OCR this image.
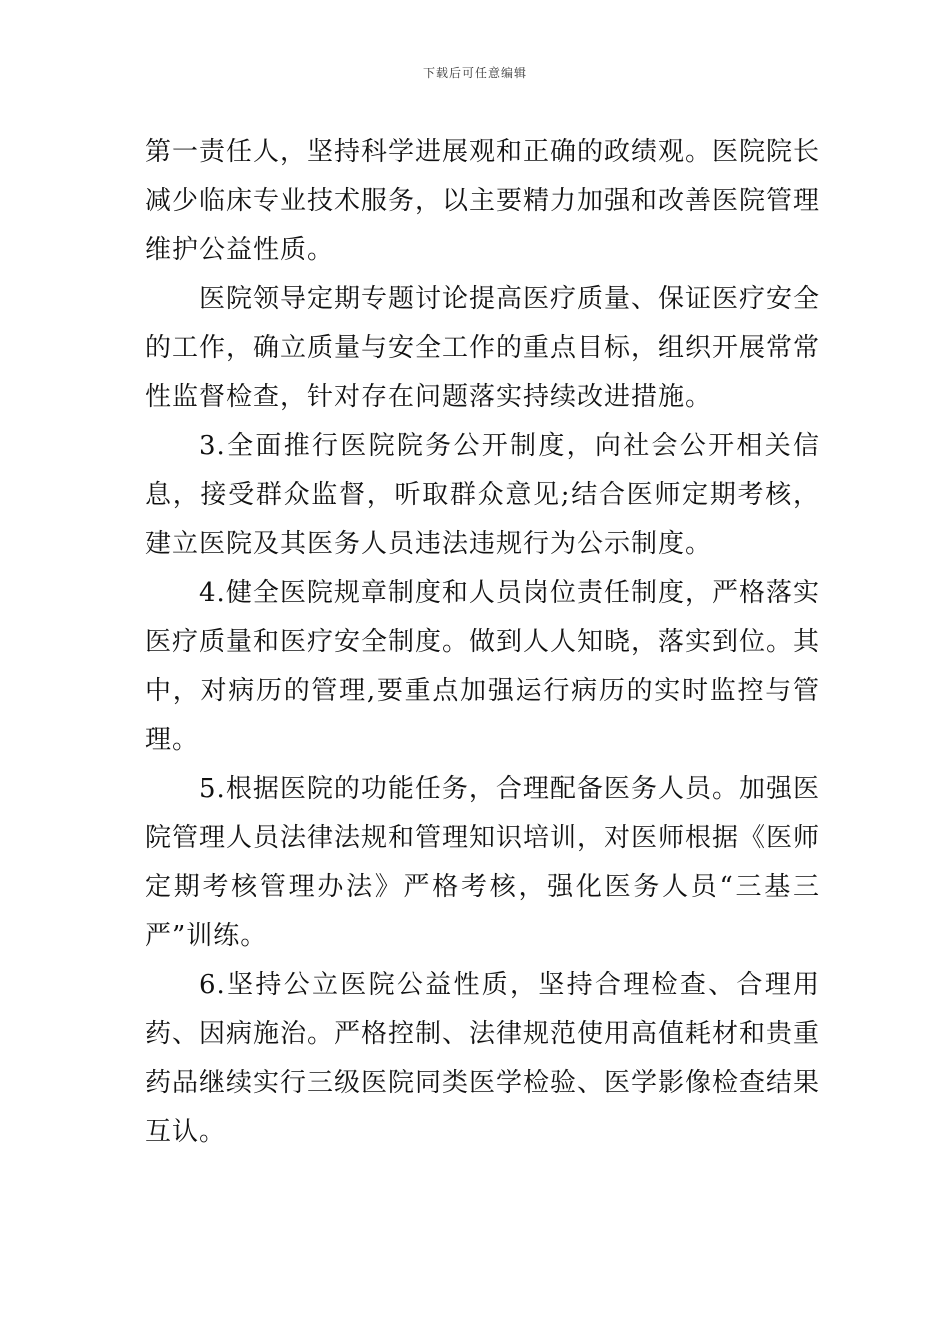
下载后可任意编辑

第一责任人，坚持科学进展观和正确的政绩观。医院院长减少临床专业技术服务，以主要精力加强和改善医院管理维护公益性质。

医院领导定期专题讨论提高医疗质量、保证医疗安全的工作，确立质量与安全工作的重点目标，组织开展常常性监督检查，针对存在问题落实持续改进措施。

3.全面推行医院院务公开制度，向社会公开相关信息，接受群众监督，听取群众意见;结合医师定期考核，建立医院及其医务人员违法违规行为公示制度。

4.健全医院规章制度和人员岗位责任制度，严格落实医疗质量和医疗安全制度。做到人人知晓，落实到位。其中，对病历的管理,要重点加强运行病历的实时监控与管理。

5.根据医院的功能任务，合理配备医务人员。加强医院管理人员法律法规和管理知识培训，对医师根据《医师定期考核管理办法》严格考核，强化医务人员“三基三严”训练。

6.坚持公立医院公益性质，坚持合理检查、合理用药、因病施治。严格控制、法律规范使用高值耗材和贵重药品继续实行三级医院同类医学检验、医学影像检查结果互认。
